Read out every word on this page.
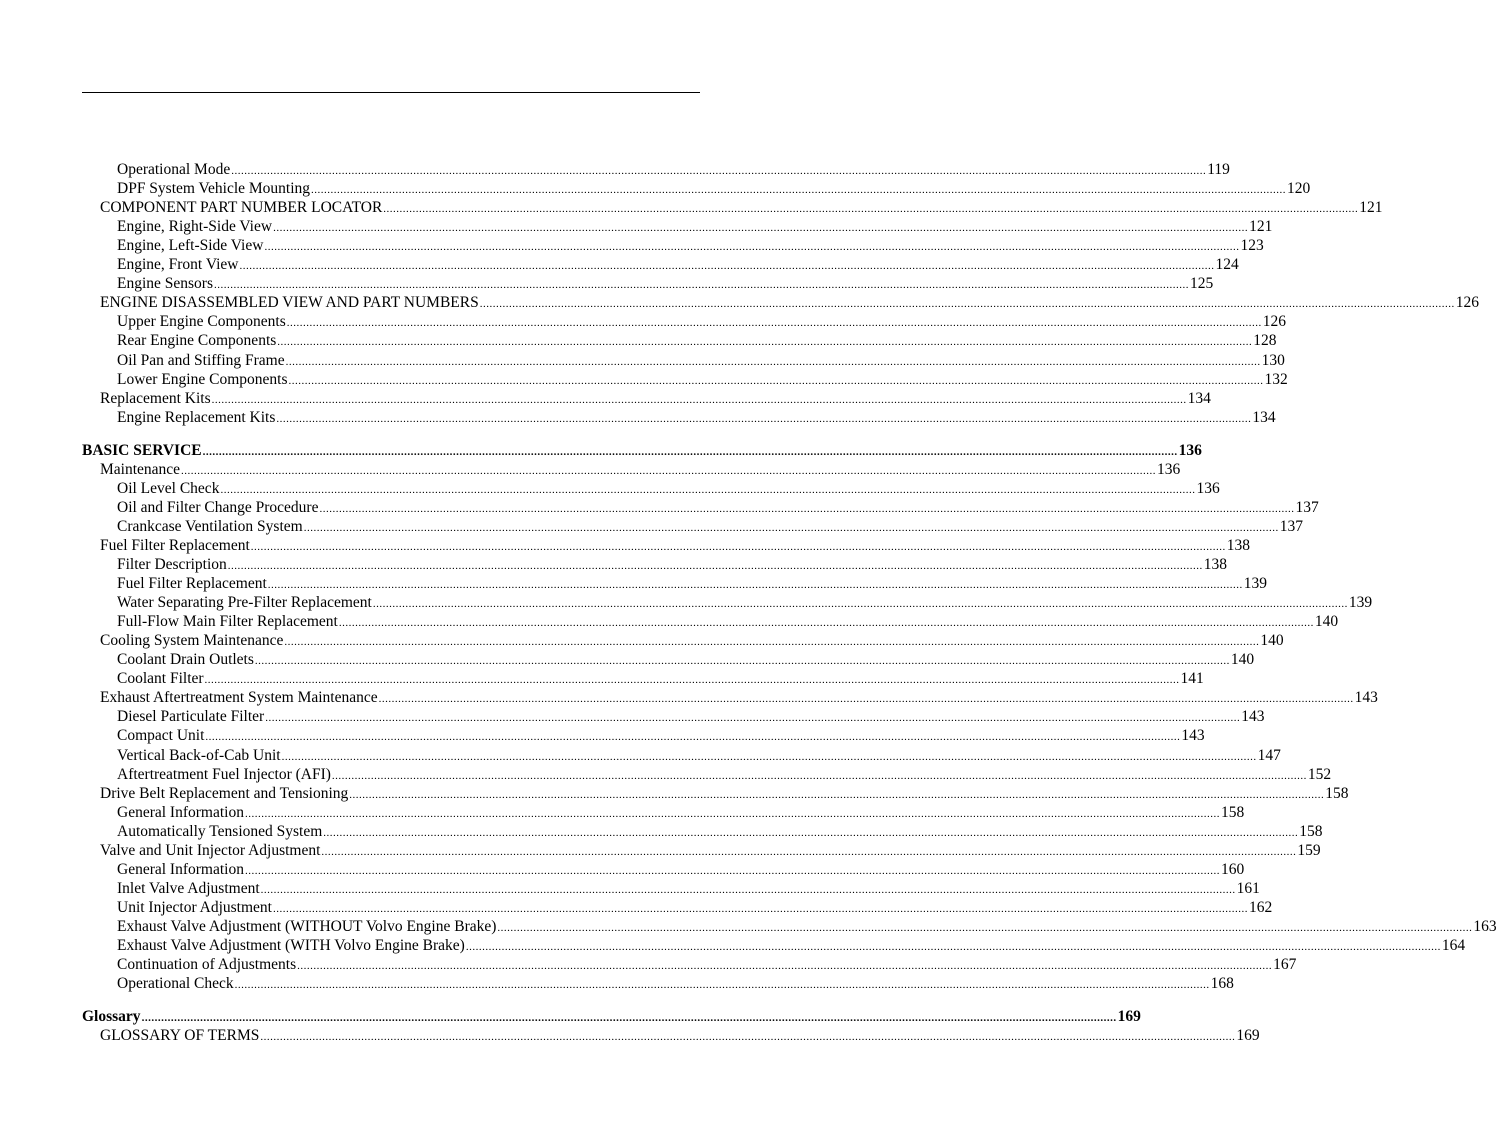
Operational Mode ............................................................................................................................................................................................................................................................................................................ 119
DPF System Vehicle Mounting ............................................................................................................................................................................................................................................................................................................ 120
COMPONENT PART NUMBER LOCATOR ............................................................................................................................................................................................................................................................................................................ 121
Engine, Right-Side View ............................................................................................................................................................................................................................................................................................................ 121
Engine, Left-Side View ............................................................................................................................................................................................................................................................................................................ 123
Engine, Front View ............................................................................................................................................................................................................................................................................................................ 124
Engine Sensors ............................................................................................................................................................................................................................................................................................................ 125
ENGINE DISASSEMBLED VIEW AND PART NUMBERS ............................................................................................................................................................................................................................................................................................................ 126
Upper Engine Components ............................................................................................................................................................................................................................................................................................................ 126
Rear Engine Components ............................................................................................................................................................................................................................................................................................................ 128
Oil Pan and Stiffing Frame ............................................................................................................................................................................................................................................................................................................ 130
Lower Engine Components ............................................................................................................................................................................................................................................................................................................ 132
Replacement Kits ............................................................................................................................................................................................................................................................................................................ 134
Engine Replacement Kits ............................................................................................................................................................................................................................................................................................................ 134
BASIC SERVICE ............................................................................................................................................................................................................................................................................................................ 136
Maintenance ............................................................................................................................................................................................................................................................................................................ 136
Oil Level Check ............................................................................................................................................................................................................................................................................................................ 136
Oil and Filter Change Procedure ............................................................................................................................................................................................................................................................................................................ 137
Crankcase Ventilation System ............................................................................................................................................................................................................................................................................................................ 137
Fuel Filter Replacement ............................................................................................................................................................................................................................................................................................................ 138
Filter Description ............................................................................................................................................................................................................................................................................................................ 138
Fuel Filter Replacement ............................................................................................................................................................................................................................................................................................................ 139
Water Separating Pre-Filter Replacement ............................................................................................................................................................................................................................................................................................................ 139
Full-Flow Main Filter Replacement ............................................................................................................................................................................................................................................................................................................ 140
Cooling System Maintenance ............................................................................................................................................................................................................................................................................................................ 140
Coolant Drain Outlets ............................................................................................................................................................................................................................................................................................................ 140
Coolant Filter ............................................................................................................................................................................................................................................................................................................ 141
Exhaust Aftertreatment System Maintenance ............................................................................................................................................................................................................................................................................................................ 143
Diesel Particulate Filter ............................................................................................................................................................................................................................................................................................................ 143
Compact Unit ............................................................................................................................................................................................................................................................................................................ 143
Vertical Back-of-Cab Unit ............................................................................................................................................................................................................................................................................................................ 147
Aftertreatment Fuel Injector (AFI) ............................................................................................................................................................................................................................................................................................................ 152
Drive Belt Replacement and Tensioning ............................................................................................................................................................................................................................................................................................................ 158
General Information ............................................................................................................................................................................................................................................................................................................ 158
Automatically Tensioned System ............................................................................................................................................................................................................................................................................................................ 158
Valve and Unit Injector Adjustment ............................................................................................................................................................................................................................................................................................................ 159
General Information ............................................................................................................................................................................................................................................................................................................ 160
Inlet Valve Adjustment ............................................................................................................................................................................................................................................................................................................ 161
Unit Injector Adjustment ............................................................................................................................................................................................................................................................................................................ 162
Exhaust Valve Adjustment (WITHOUT Volvo Engine Brake) ............................................................................................................................................................................................................................................................................................................ 163
Exhaust Valve Adjustment (WITH Volvo Engine Brake) ............................................................................................................................................................................................................................................................................................................ 164
Continuation of Adjustments ............................................................................................................................................................................................................................................................................................................ 167
Operational Check ............................................................................................................................................................................................................................................................................................................ 168
Glossary ............................................................................................................................................................................................................................................................................................................ 169
GLOSSARY OF TERMS ............................................................................................................................................................................................................................................................................................................ 169
